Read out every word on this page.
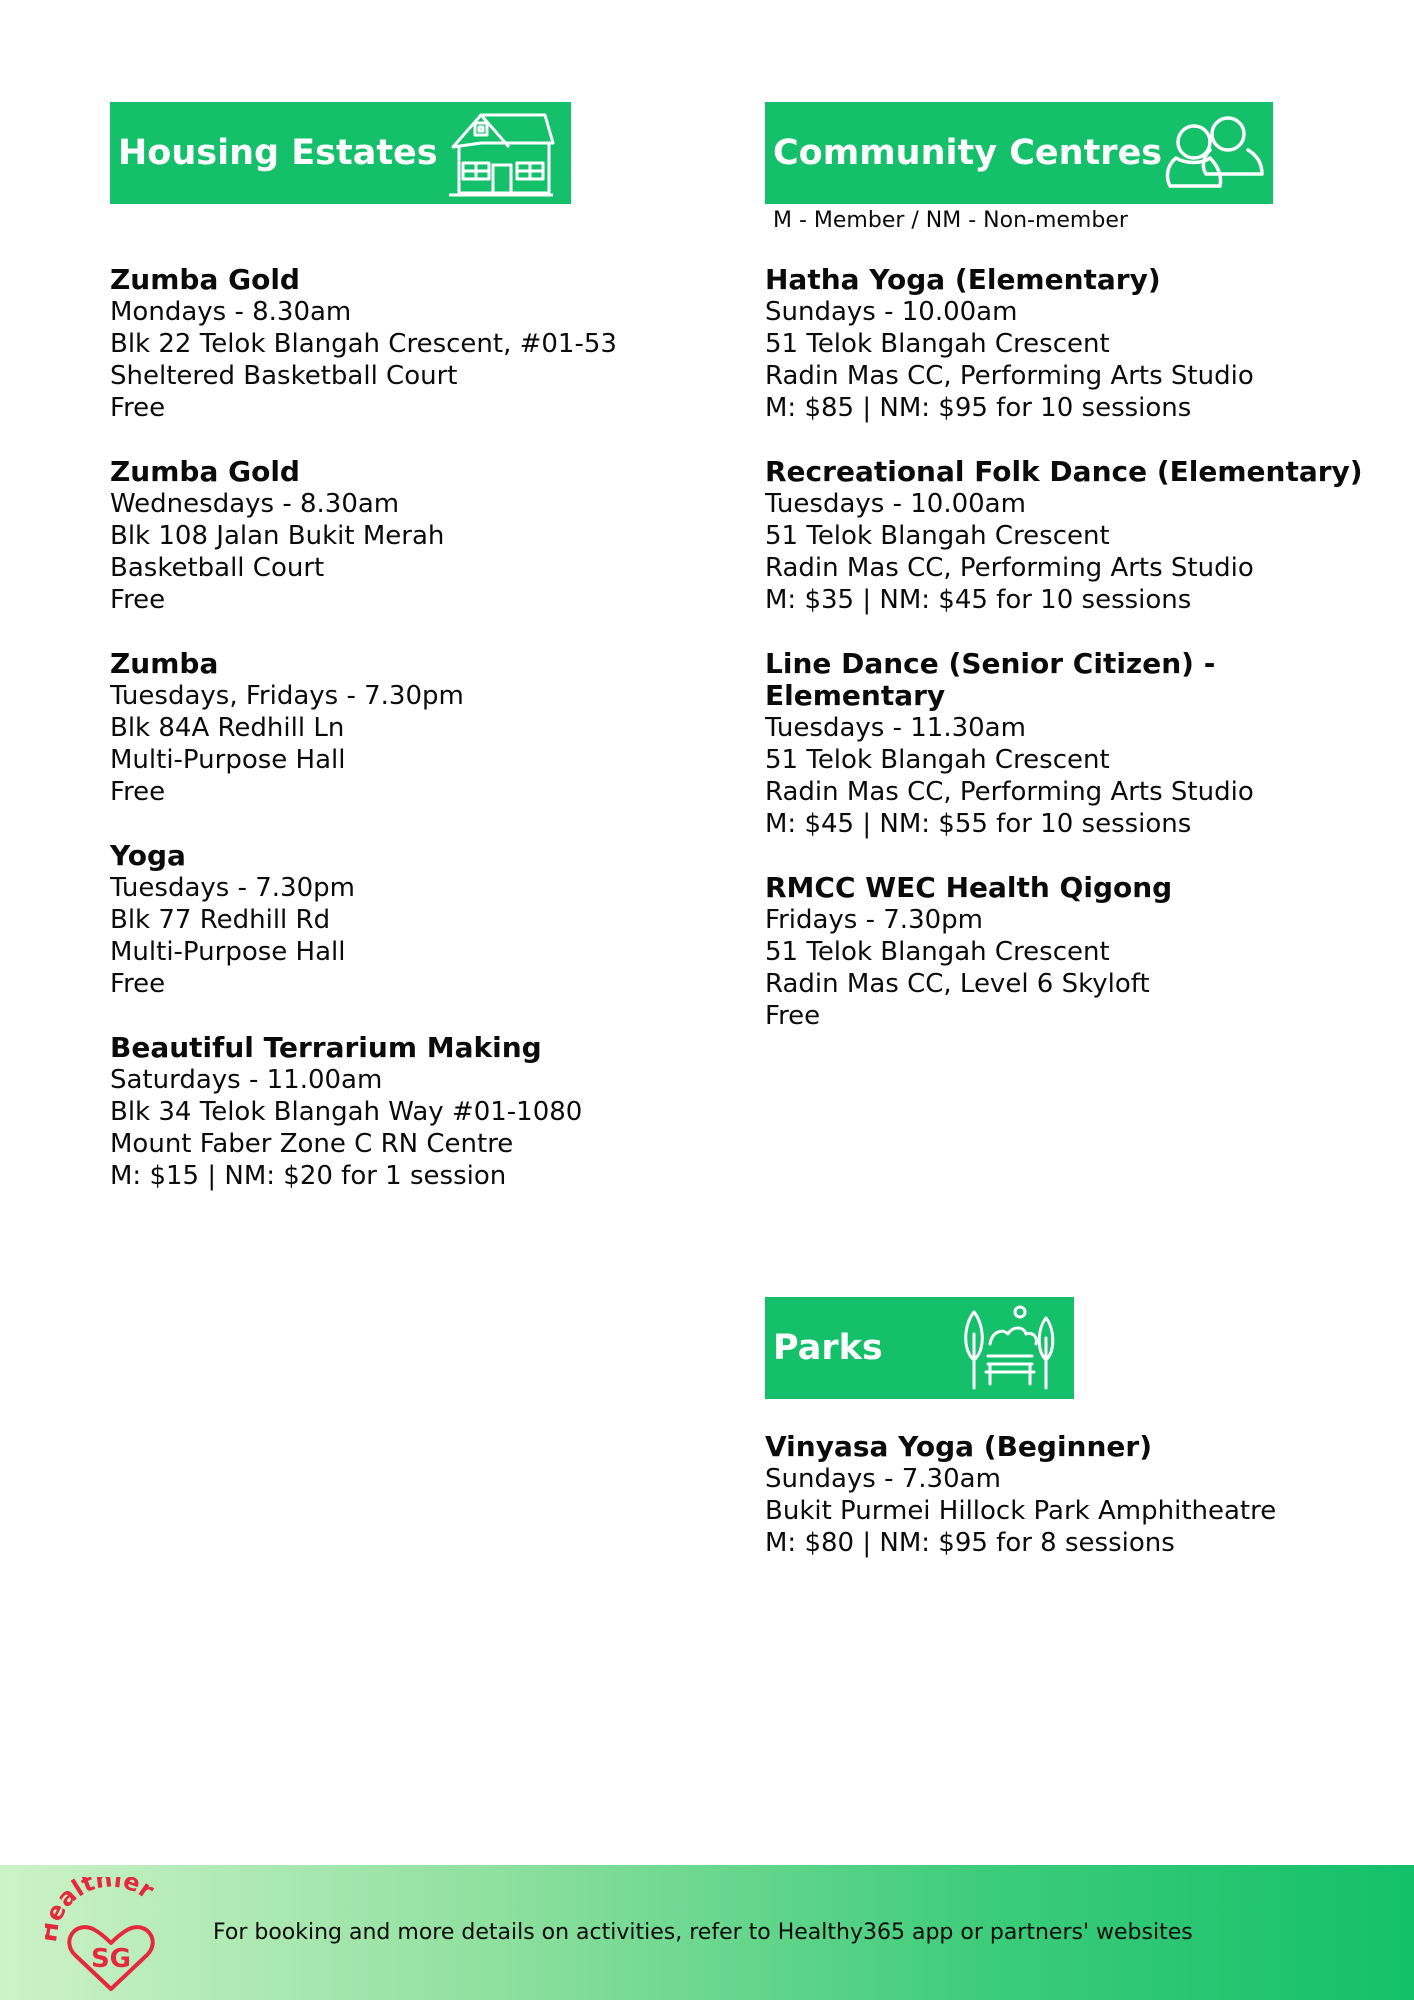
Housing Estates
Zumba Gold
Mondays - 8.30am
Blk 22 Telok Blangah Crescent, #01-53
Sheltered Basketball Court
Free
Zumba Gold
Wednesdays - 8.30am
Blk 108 Jalan Bukit Merah
Basketball Court
Free
Zumba
Tuesdays, Fridays - 7.30pm
Blk 84A Redhill Ln
Multi-Purpose Hall
Free
Yoga
Tuesdays - 7.30pm
Blk 77 Redhill Rd
Multi-Purpose Hall
Free
Beautiful Terrarium Making
Saturdays - 11.00am
Blk 34 Telok Blangah Way #01-1080
Mount Faber Zone C RN Centre
M: $15 | NM: $20 for 1 session
Community Centres
M - Member / NM - Non-member
Hatha Yoga (Elementary)
Sundays - 10.00am
51 Telok Blangah Crescent
Radin Mas CC, Performing Arts Studio
M: $85 | NM: $95 for 10 sessions
Recreational Folk Dance (Elementary)
Tuesdays - 10.00am
51 Telok Blangah Crescent
Radin Mas CC, Performing Arts Studio
M: $35 | NM: $45 for 10 sessions
Line Dance (Senior Citizen) - Elementary
Tuesdays - 11.30am
51 Telok Blangah Crescent
Radin Mas CC, Performing Arts Studio
M: $45 | NM: $55 for 10 sessions
RMCC WEC Health Qigong
Fridays - 7.30pm
51 Telok Blangah Crescent
Radin Mas CC, Level 6 Skyloft
Free
Parks
Vinyasa Yoga (Beginner)
Sundays - 7.30am
Bukit Purmei Hillock Park Amphitheatre
M: $80 | NM: $95 for 8 sessions
althier
SG
For booking and more details on activities, refer to Healthy365 app or partners' websites
